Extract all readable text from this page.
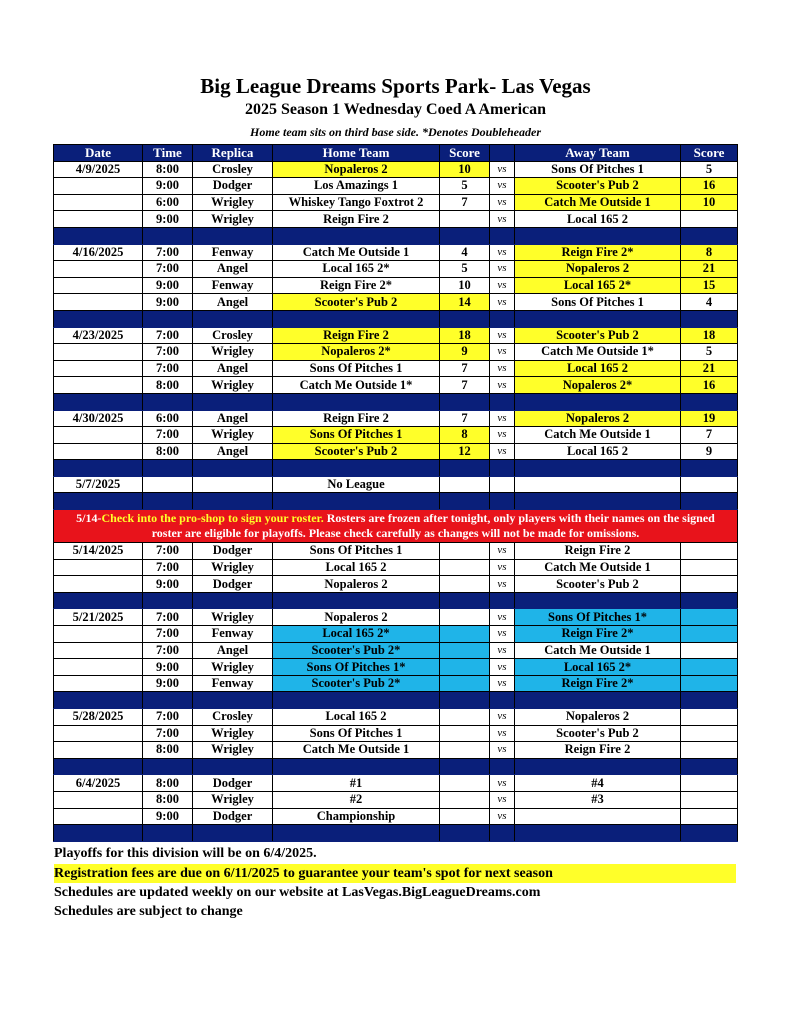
Big League Dreams Sports Park- Las Vegas
2025 Season 1 Wednesday Coed A American
Home team sits on third base side. *Denotes Doubleheader
Date	Time	Replica	Home Team	Score		Away Team	Score
4/9/2025	8:00	Crosley	Nopaleros 2	10	vs	Sons Of Pitches 1	5
	9:00	Dodger	Los Amazings 1	5	vs	Scooter's Pub 2	16
	6:00	Wrigley	Whiskey Tango Foxtrot 2	7	vs	Catch Me Outside 1	10
	9:00	Wrigley	Reign Fire 2		vs	Local 165 2	

4/16/2025	7:00	Fenway	Catch Me Outside 1	4	vs	Reign Fire 2*	8
	7:00	Angel	Local 165 2*	5	vs	Nopaleros 2	21
	9:00	Fenway	Reign Fire 2*	10	vs	Local 165 2*	15
	9:00	Angel	Scooter's Pub 2	14	vs	Sons Of Pitches 1	4

4/23/2025	7:00	Crosley	Reign Fire 2	18	vs	Scooter's Pub 2	18
	7:00	Wrigley	Nopaleros 2*	9	vs	Catch Me Outside 1*	5
	7:00	Angel	Sons Of Pitches 1	7	vs	Local 165 2	21
	8:00	Wrigley	Catch Me Outside 1*	7	vs	Nopaleros 2*	16

4/30/2025	6:00	Angel	Reign Fire 2	7	vs	Nopaleros 2	19
	7:00	Wrigley	Sons Of Pitches 1	8	vs	Catch Me Outside 1	7
	8:00	Angel	Scooter's Pub 2	12	vs	Local 165 2	9

5/7/2025			No League				

5/14-Check into the pro-shop to sign your roster. Rosters are frozen after tonight, only players with their names on the signed roster are eligible for playoffs. Please check carefully as changes will not be made for omissions.							
5/14/2025	7:00	Dodger	Sons Of Pitches 1		vs	Reign Fire 2	
	7:00	Wrigley	Local 165 2		vs	Catch Me Outside 1	
	9:00	Dodger	Nopaleros 2		vs	Scooter's Pub 2	

5/21/2025	7:00	Wrigley	Nopaleros 2		vs	Sons Of Pitches 1*	
	7:00	Fenway	Local 165 2*		vs	Reign Fire 2*	
	7:00	Angel	Scooter's Pub 2*		vs	Catch Me Outside 1	
	9:00	Wrigley	Sons Of Pitches 1*		vs	Local 165 2*	
	9:00	Fenway	Scooter's Pub 2*		vs	Reign Fire 2*	

5/28/2025	7:00	Crosley	Local 165 2		vs	Nopaleros 2	
	7:00	Wrigley	Sons Of Pitches 1		vs	Scooter's Pub 2	
	8:00	Wrigley	Catch Me Outside 1		vs	Reign Fire 2	

6/4/2025	8:00	Dodger	#1		vs	#4	
	8:00	Wrigley	#2		vs	#3	
	9:00	Dodger	Championship		vs		

Playoffs for this division will be on 6/4/2025.
Registration fees are due on 6/11/2025 to guarantee your team's spot for next season
Schedules are updated weekly on our website at LasVegas.BigLeagueDreams.com
Schedules are subject to change
